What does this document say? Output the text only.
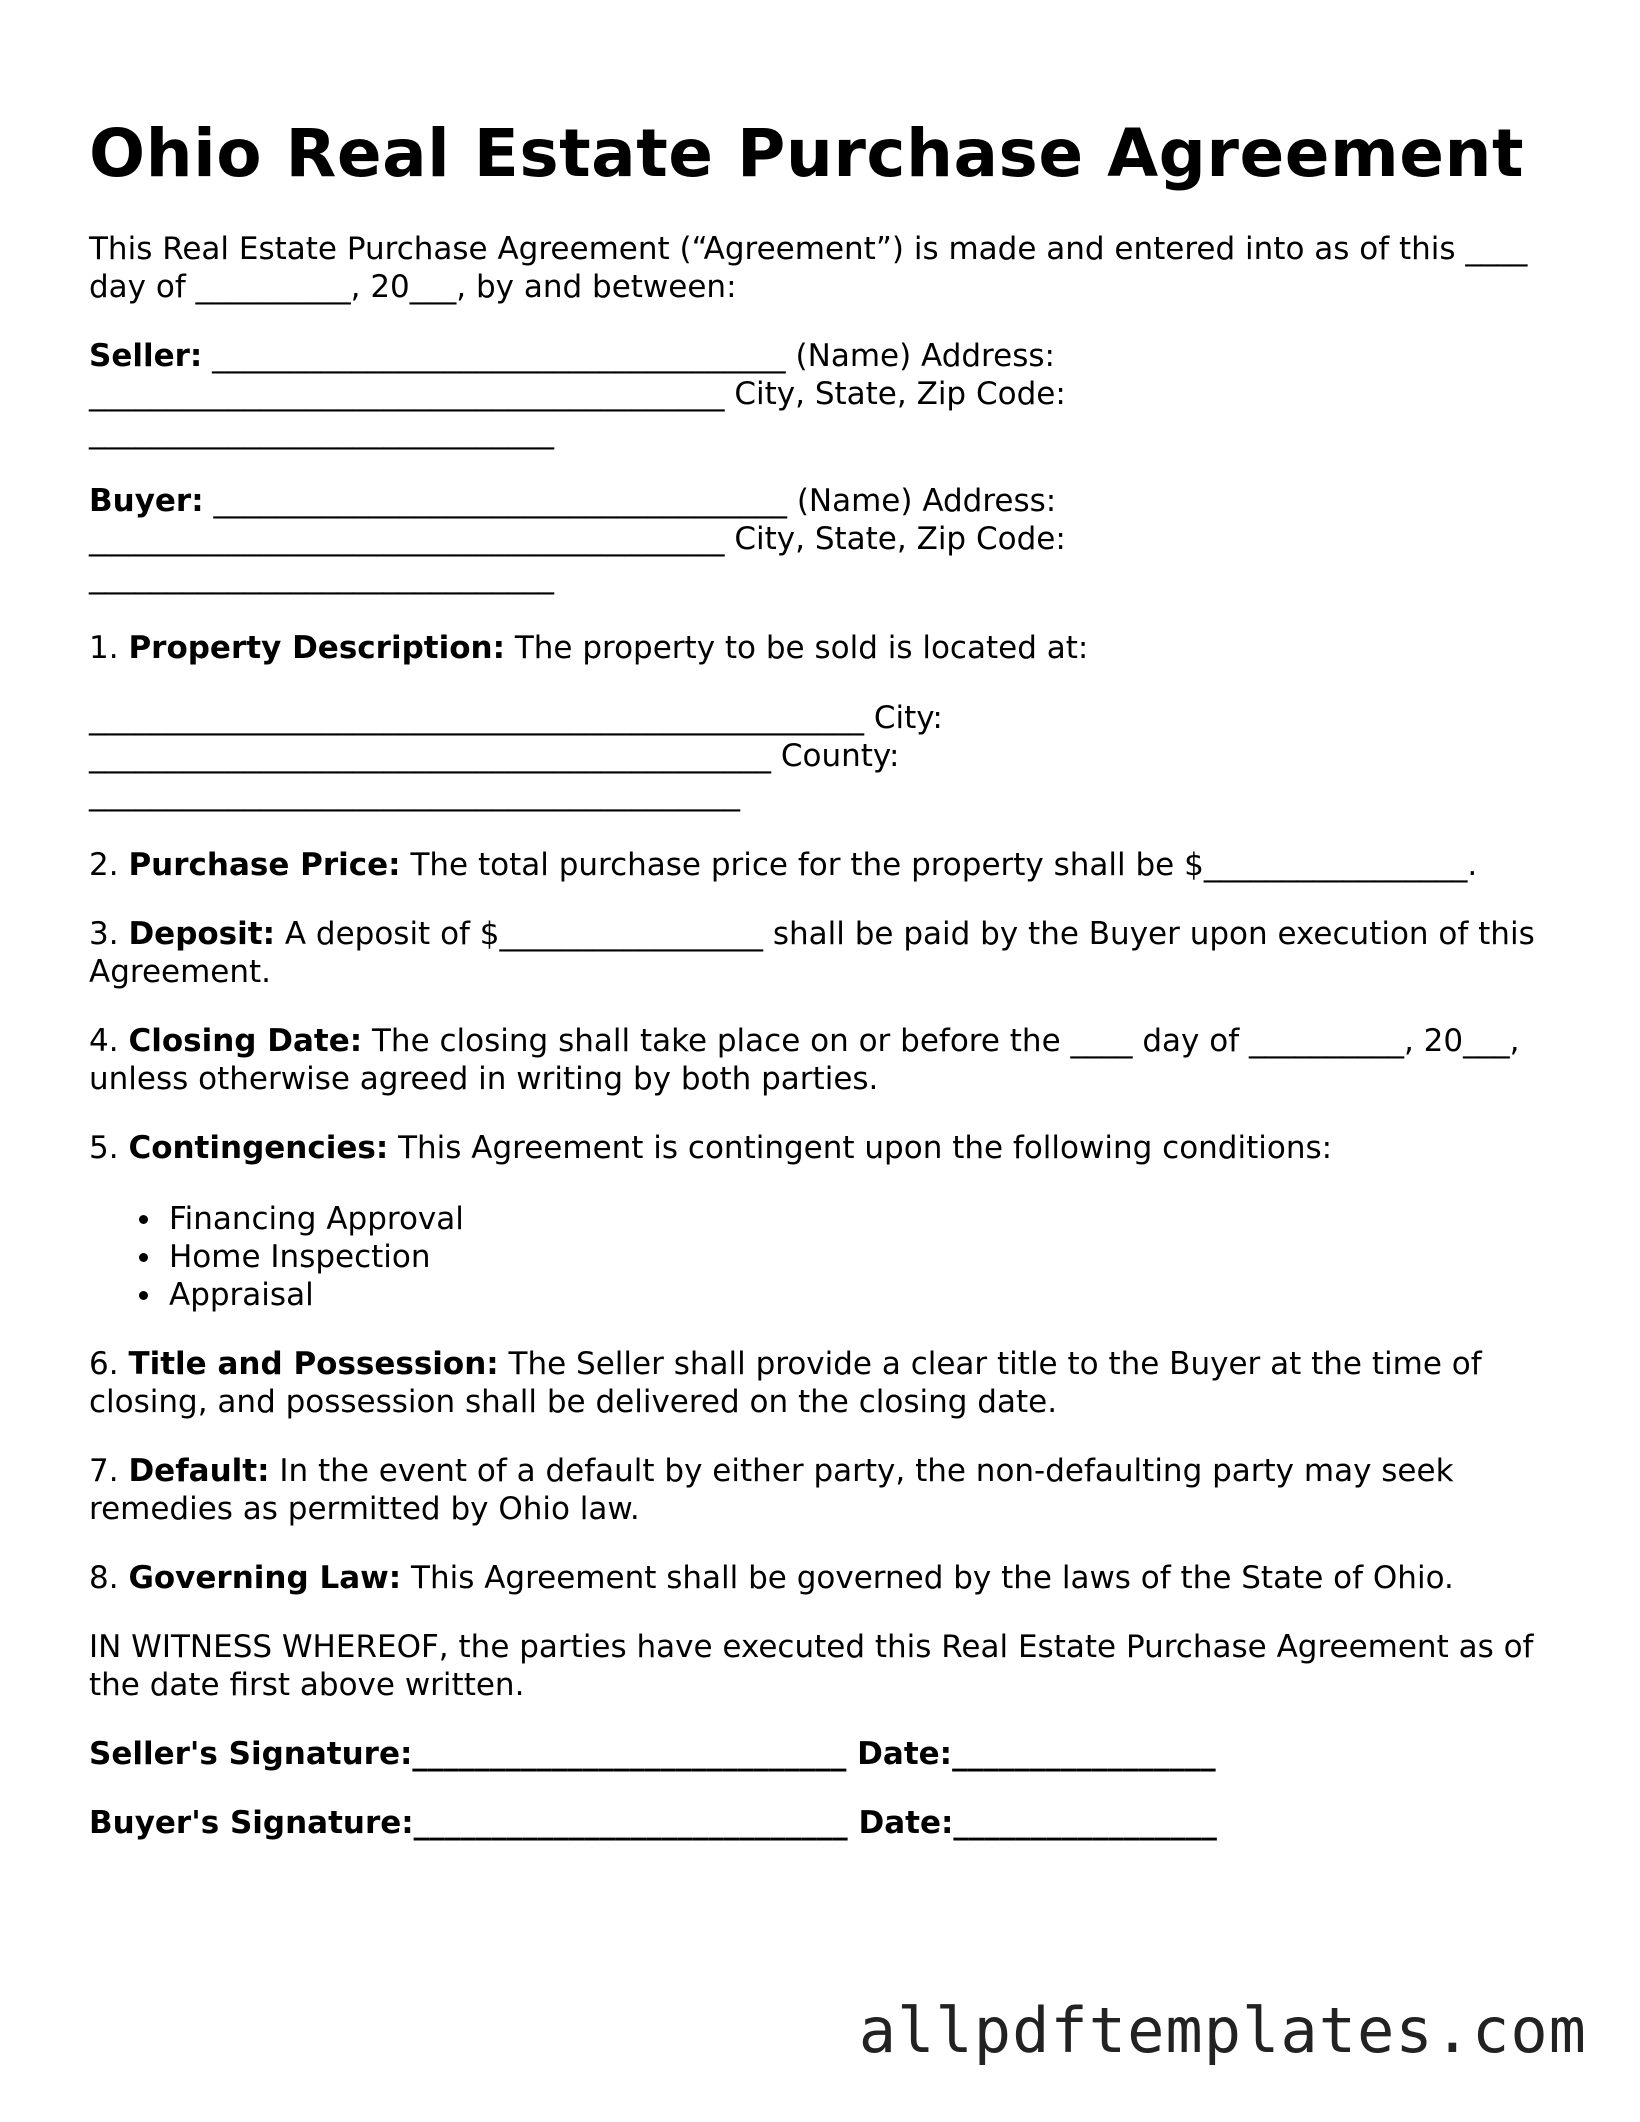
Ohio Real Estate Purchase Agreement

This Real Estate Purchase Agreement (“Agreement”) is made and entered into as of this ____ day of __________, 20___, by and between:

Seller: _____________________________________ (Name) Address:
_________________________________________ City, State, Zip Code:
______________________________

Buyer: _____________________________________ (Name) Address:
_________________________________________ City, State, Zip Code:
______________________________

1. Property Description: The property to be sold is located at:

__________________________________________________ City:
____________________________________________ County:
__________________________________________

2. Purchase Price: The total purchase price for the property shall be $_________________.

3. Deposit: A deposit of $_________________ shall be paid by the Buyer upon execution of this Agreement.

4. Closing Date: The closing shall take place on or before the ____ day of __________, 20___, unless otherwise agreed in writing by both parties.

5. Contingencies: This Agreement is contingent upon the following conditions:

Financing Approval
Home Inspection
Appraisal

6. Title and Possession: The Seller shall provide a clear title to the Buyer at the time of closing, and possession shall be delivered on the closing date.

7. Default: In the event of a default by either party, the non-defaulting party may seek remedies as permitted by Ohio law.

8. Governing Law: This Agreement shall be governed by the laws of the State of Ohio.

IN WITNESS WHEREOF, the parties have executed this Real Estate Purchase Agreement as of the date first above written.

Seller's Signature:____________________________ Date:_________________

Buyer's Signature:____________________________ Date:_________________

allpdftemplates.com
